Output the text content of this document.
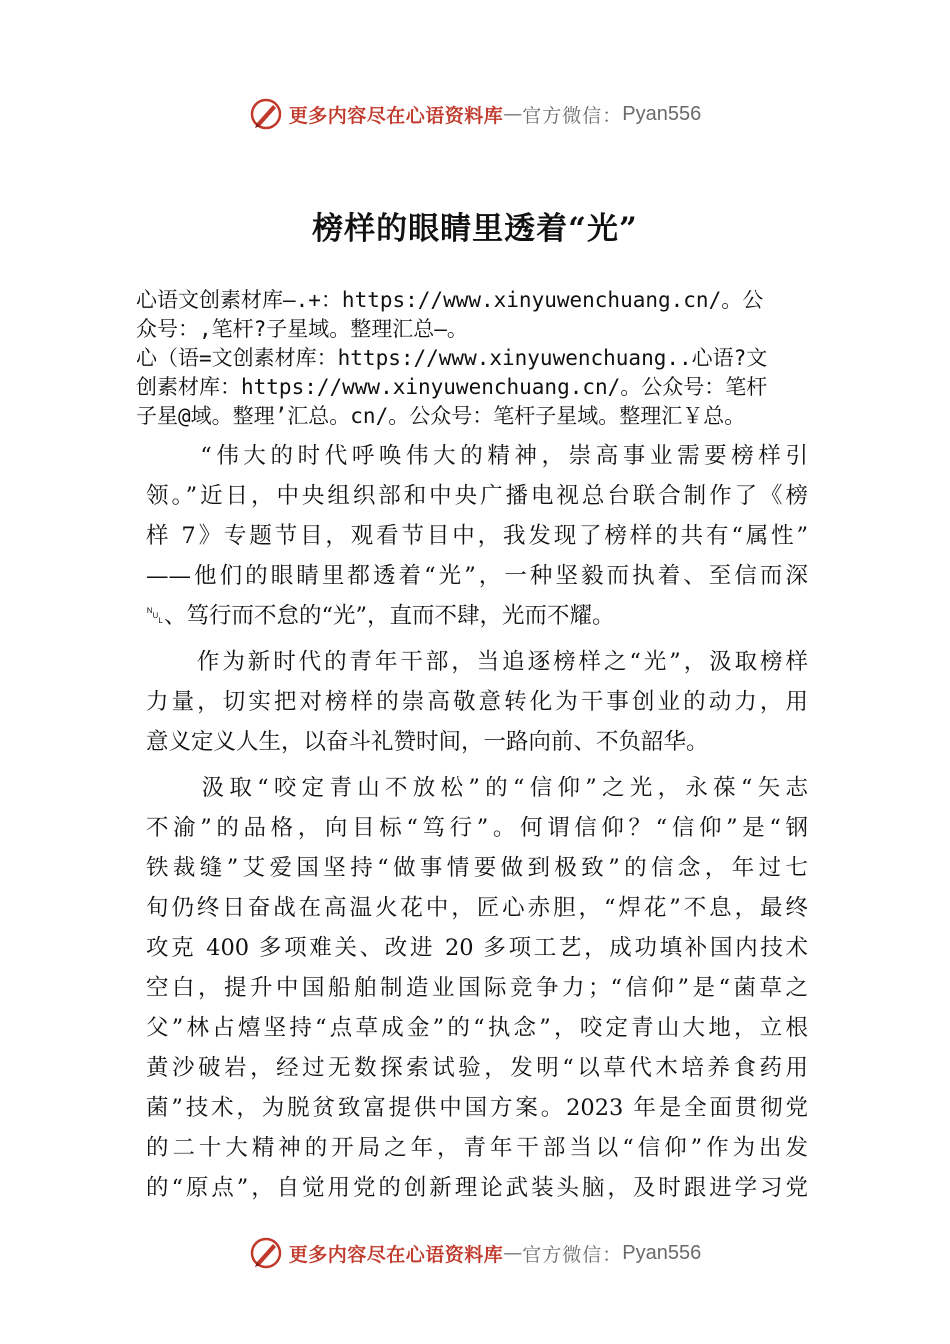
更多内容尽在心语资料库 — 官方微信： Pyan556
榜样的眼睛里透着“光”
心语文创素材库—.+：https://www.xinyuwenchuang.cn/。公
众号：,笔杆?子星域。整理汇总—。
心（语=文创素材库：https://www.xinyuwenchuang..心语?文
创素材库：https://www.xinyuwenchuang.cn/。公众号：笔杆
子星@域。整理’汇总。cn/。公众号：笔杆子星域。整理汇￥总。
　　“伟大的时代呼唤伟大的精神，崇高事业需要榜样引
领。”近日，中央组织部和中央广播电视总台联合制作了《榜
样 7》专题节目，观看节目中，我发现了榜样的共有“属性”
——他们的眼睛里都透着“光”，一种坚毅而执着、至信而深
␀、笃行而不怠的“光”，直而不肆，光而不耀。
　　作为新时代的青年干部，当追逐榜样之“光”，汲取榜样
力量，切实把对榜样的崇高敬意转化为干事创业的动力，用
意义定义人生，以奋斗礼赞时间，一路向前、不负韶华。
　　汲取“咬定青山不放松”的“信仰”之光，永葆“矢志
不渝”的品格，向目标“笃行”。何谓信仰？“信仰”是“钢
铁裁缝”艾爱国坚持“做事情要做到极致”的信念，年过七
旬仍终日奋战在高温火花中，匠心赤胆，“焊花”不息，最终
攻克 400 多项难关、改进 20 多项工艺，成功填补国内技术
空白，提升中国船舶制造业国际竞争力；“信仰”是“菌草之
父”林占熺坚持“点草成金”的“执念”，咬定青山大地，立根
黄沙破岩，经过无数探索试验，发明“以草代木培养食药用
菌”技术，为脱贫致富提供中国方案。2023 年是全面贯彻党
的二十大精神的开局之年，青年干部当以“信仰”作为出发
的“原点”，自觉用党的创新理论武装头脑，及时跟进学习党
更多内容尽在心语资料库 — 官方微信： Pyan556
